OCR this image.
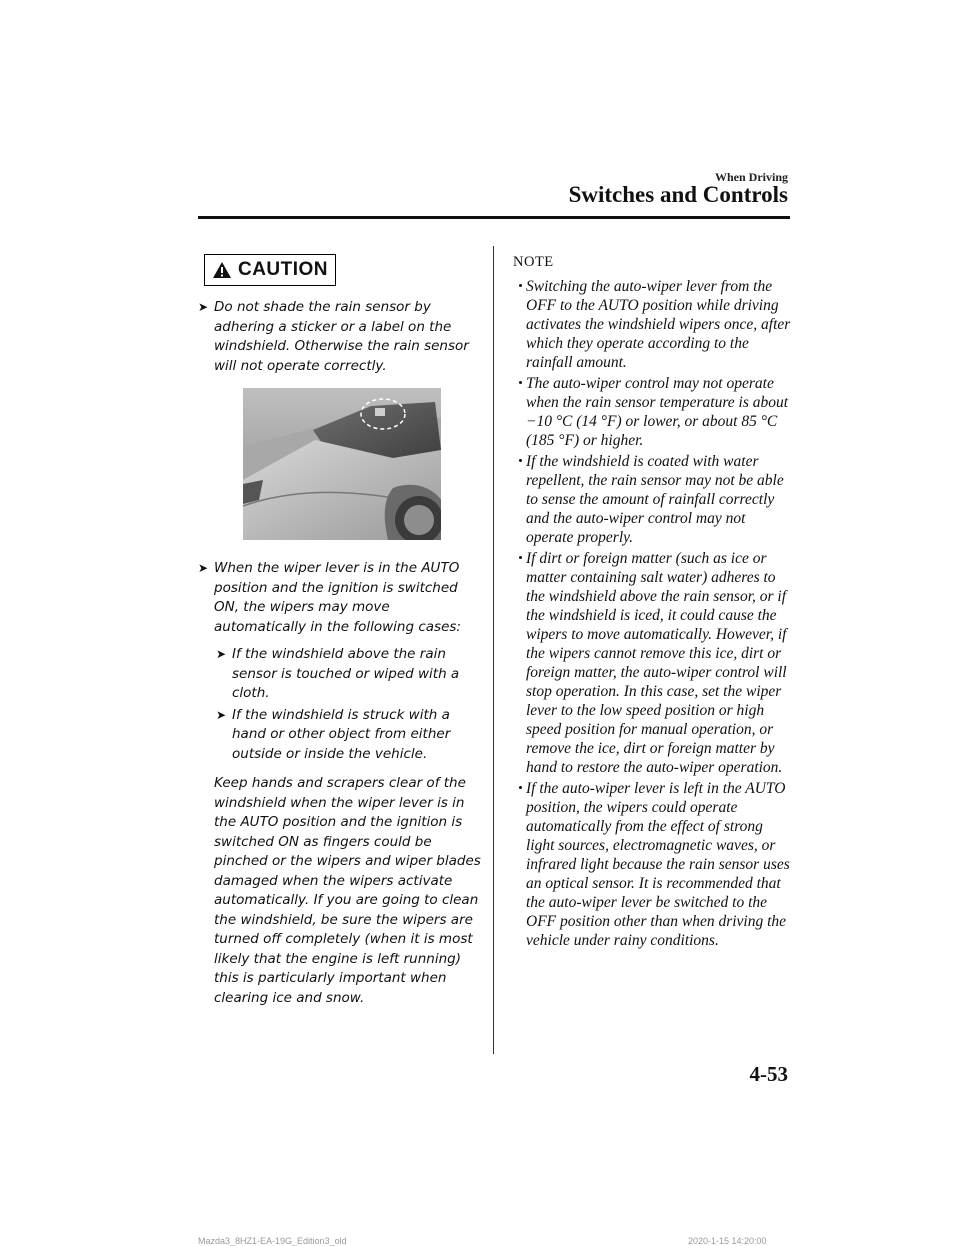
When Driving
Switches and Controls
CAUTION
➤ Do not shade the rain sensor by adhering a sticker or a label on the windshield. Otherwise the rain sensor will not operate correctly.
➤ When the wiper lever is in the AUTO position and the ignition is switched ON, the wipers may move automatically in the following cases:
➤ If the windshield above the rain sensor is touched or wiped with a cloth.
➤ If the windshield is struck with a hand or other object from either outside or inside the vehicle.
Keep hands and scrapers clear of the windshield when the wiper lever is in the AUTO position and the ignition is switched ON as fingers could be pinched or the wipers and wiper blades damaged when the wipers activate automatically. If you are going to clean the windshield, be sure the wipers are turned off completely (when it is most likely that the engine is left running) this is particularly important when clearing ice and snow.
NOTE
Switching the auto-wiper lever from the OFF to the AUTO position while driving activates the windshield wipers once, after which they operate according to the rainfall amount.
The auto-wiper control may not operate when the rain sensor temperature is about −10 °C (14 °F) or lower, or about 85 °C (185 °F) or higher.
If the windshield is coated with water repellent, the rain sensor may not be able to sense the amount of rainfall correctly and the auto-wiper control may not operate properly.
If dirt or foreign matter (such as ice or matter containing salt water) adheres to the windshield above the rain sensor, or if the windshield is iced, it could cause the wipers to move automatically. However, if the wipers cannot remove this ice, dirt or foreign matter, the auto-wiper control will stop operation. In this case, set the wiper lever to the low speed position or high speed position for manual operation, or remove the ice, dirt or foreign matter by hand to restore the auto-wiper operation.
If the auto-wiper lever is left in the AUTO position, the wipers could operate automatically from the effect of strong light sources, electromagnetic waves, or infrared light because the rain sensor uses an optical sensor. It is recommended that the auto-wiper lever be switched to the OFF position other than when driving the vehicle under rainy conditions.
4-53
Mazda3_8HZ1-EA-19G_Edition3_old	2020-1-15 14:20:00
